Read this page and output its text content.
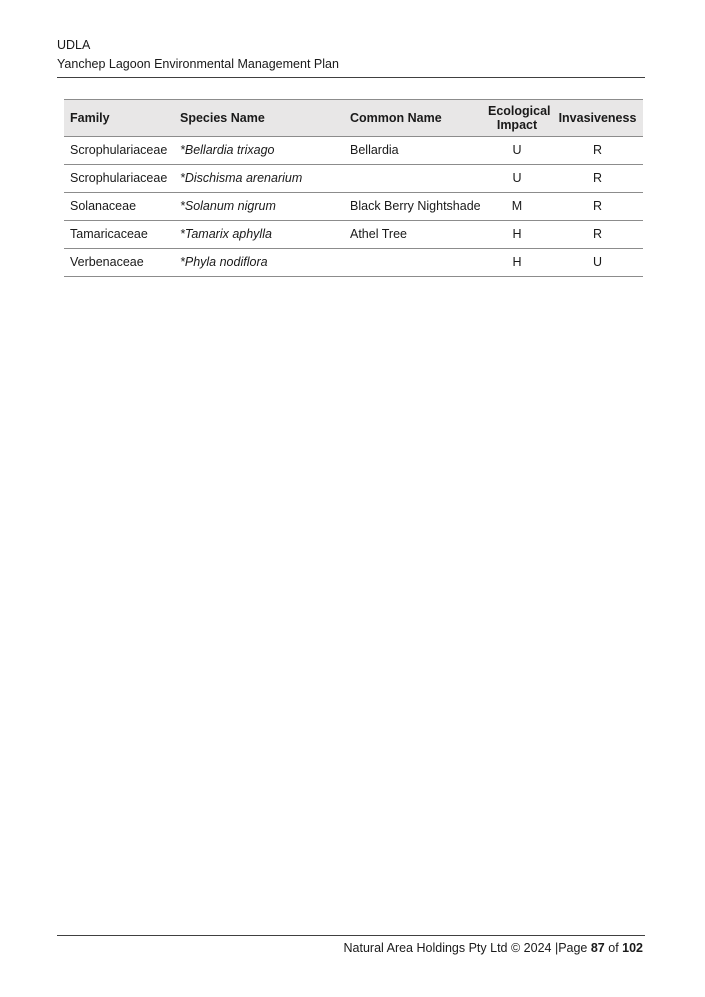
UDLA
Yanchep Lagoon Environmental Management Plan
Family	Species Name	Common Name	Ecological Impact	Invasiveness
Scrophulariaceae	*Bellardia trixago	Bellardia	U	R
Scrophulariaceae	*Dischisma arenarium		U	R
Solanaceae	*Solanum nigrum	Black Berry Nightshade	M	R
Tamaricaceae	*Tamarix aphylla	Athel Tree	H	R
Verbenaceae	*Phyla nodiflora		H	U
Natural Area Holdings Pty Ltd © 2024 |Page 87 of 102
